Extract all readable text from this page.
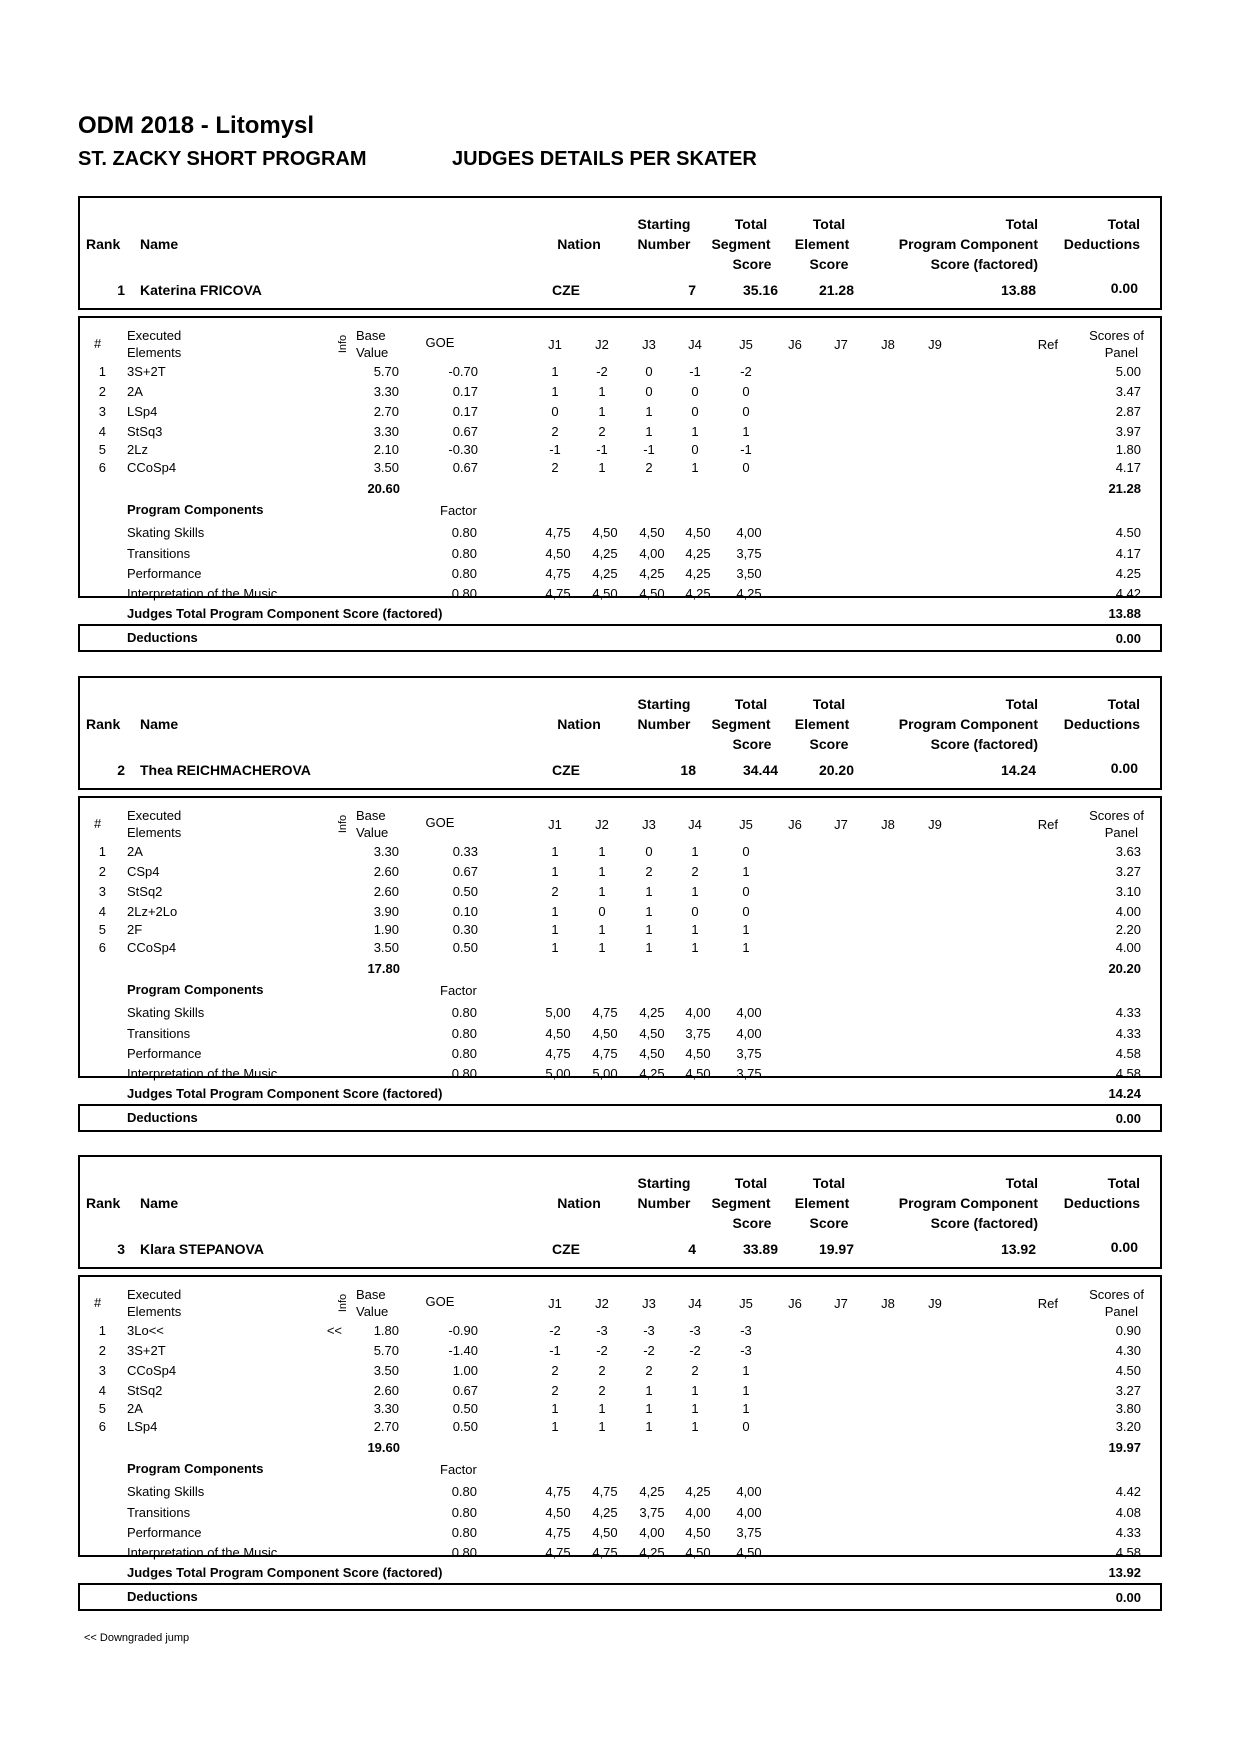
ODM 2018 - Litomysl
ST. ZACKY SHORT PROGRAM	JUDGES DETAILS PER SKATER
Rank Name	Nation
Starting
Number
Total
Segment
Score
Total
Element
Score
Total
Program Component
Score (factored)
Total
Deductions
1 Katerina FRICOVA	CZE	7	35.16	21.28	13.88	0.00
Executed
Elements
#	Info Base
Value
GOE	J1	J2	J3	J4	J5	J6	J7	J8	J9	Ref
Scores of
Panel
1 3S+2T	5.70	-0.70	1	-2	0	-1	-2	5.00
2 2A	3.30	0.17	1	1	0	0	0	3.47
3 LSp4	2.70	0.17	0	1	1	0	0	2.87
4 StSq3	3.30	0.67	2	2	1	1	1	3.97
5 2Lz	2.10	-0.30	-1	-1	-1	0	-1	1.80
6 CCoSp4	3.50	0.67	2	1	2	1	0	4.17
20.60	21.28
Program Components	Factor
Skating Skills	0.80	4,75	4,50	4,50	4,50	4,00	4.50
Transitions	0.80	4,50	4,25	4,00	4,25	3,75	4.17
Performance	0.80	4,75	4,25	4,25	4,25	3,50	4.25
Interpretation of the Music	0.80	4,75	4,50	4,50	4,25	4,25	4.42
Judges Total Program Component Score (factored)	13.88
Deductions	0.00
Rank Name	Nation
Starting
Number
Total
Segment
Score
Total
Element
Score
Total
Program Component
Score (factored)
Total
Deductions
2 Thea REICHMACHEROVA	CZE	18	34.44	20.20	14.24	0.00
Executed
Elements
#	Info Base
Value
GOE	J1	J2	J3	J4	J5	J6	J7	J8	J9	Ref
Scores of
Panel
1 2A	3.30	0.33	1	1	0	1	0	3.63
2 CSp4	2.60	0.67	1	1	2	2	1	3.27
3 StSq2	2.60	0.50	2	1	1	1	0	3.10
4 2Lz+2Lo	3.90	0.10	1	0	1	0	0	4.00
5 2F	1.90	0.30	1	1	1	1	1	2.20
6 CCoSp4	3.50	0.50	1	1	1	1	1	4.00
17.80	20.20
Program Components	Factor
Skating Skills	0.80	5,00	4,75	4,25	4,00	4,00	4.33
Transitions	0.80	4,50	4,50	4,50	3,75	4,00	4.33
Performance	0.80	4,75	4,75	4,50	4,50	3,75	4.58
Interpretation of the Music	0.80	5,00	5,00	4,25	4,50	3,75	4.58
Judges Total Program Component Score (factored)	14.24
Deductions	0.00
Rank Name	Nation
Starting
Number
Total
Segment
Score
Total
Element
Score
Total
Program Component
Score (factored)
Total
Deductions
3 Klara STEPANOVA	CZE	4	33.89	19.97	13.92	0.00
Executed
Elements
#	Info Base
Value
GOE	J1	J2	J3	J4	J5	J6	J7	J8	J9	Ref
Scores of
Panel
1 3Lo<<	<<	1.80	-0.90	-2	-3	-3	-3	-3	0.90
2 3S+2T	5.70	-1.40	-1	-2	-2	-2	-3	4.30
3 CCoSp4	3.50	1.00	2	2	2	2	1	4.50
4 StSq2	2.60	0.67	2	2	1	1	1	3.27
5 2A	3.30	0.50	1	1	1	1	1	3.80
6 LSp4	2.70	0.50	1	1	1	1	0	3.20
19.60	19.97
Program Components	Factor
Skating Skills	0.80	4,75	4,75	4,25	4,25	4,00	4.42
Transitions	0.80	4,50	4,25	3,75	4,00	4,00	4.08
Performance	0.80	4,75	4,50	4,00	4,50	3,75	4.33
Interpretation of the Music	0.80	4,75	4,75	4,25	4,50	4,50	4.58
Judges Total Program Component Score (factored)	13.92
Deductions	0.00
<< Downgraded jump
